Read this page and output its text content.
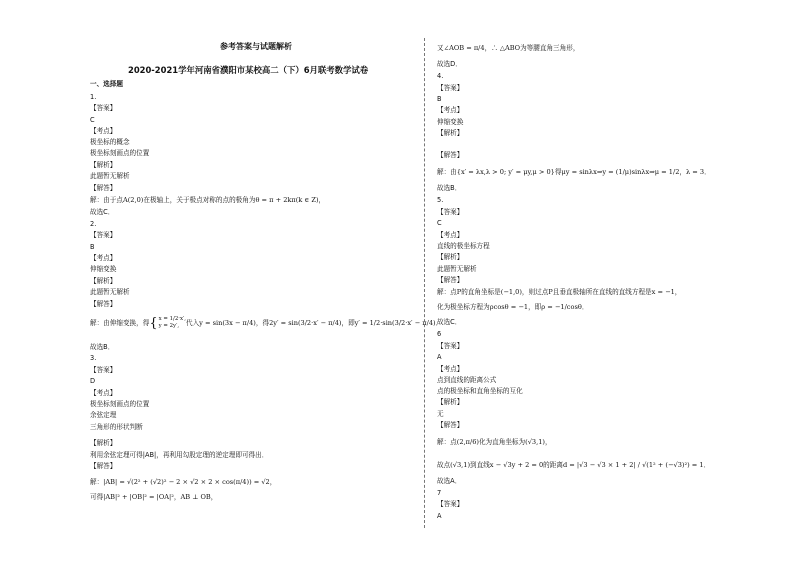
参考答案与试题解析
2020-2021学年河南省濮阳市某校高二（下）6月联考数学试卷
一、选择题
1.
【答案】
C
【考点】
极坐标的概念
极坐标刻画点的位置
【解析】
此题暂无解析
【解答】
解：由于点A(2,0)在极轴上，关于极点对称的点的极角为θ = π + 2kπ(k ∈ Z)，
故选C．
2.
【答案】
B
【考点】
伸缩变换
【解析】
此题暂无解析
【解答】
解：由伸缩变换，得{ x = 1/2·x′,
y = 2y′,	代入y = sin(3x − π/4)，得2y′ = sin(3/2·x′ − π/4)，即y′ = 1/2·sin(3/2·x′ − π/4)．
故选B．
3.
【答案】
D
【考点】
极坐标刻画点的位置
余弦定理
三角形的形状判断
【解析】
利用余弦定理可得|AB|，再利用勾股定理的逆定理即可得出．
【解答】
解：|AB| = √(2² + (√2)² − 2 × √2 × 2 × cos(π/4)) = √2，
可得|AB|² + |OB|² = |OA|²，AB ⊥ OB，
又∠AOB = π/4，∴ △ABO为等腰直角三角形，
故选D．
4.
【答案】
B
【考点】
伸缩变换
【解析】
【解答】
解：由{x′ = λx,λ > 0; y′ = μy,μ > 0}得μy = sinλx⇒y = (1/μ)sinλx⇒μ = 1/2，λ = 3．
故选B．
5.
【答案】
C
【考点】
直线的极坐标方程
【解析】
此题暂无解析
【解答】
解：点P的直角坐标是(−1,0)，则过点P且垂直极轴所在直线的直线方程是x = −1，
化为极坐标方程为ρcosθ = −1，即ρ = −1/cosθ．
故选C．
6
【答案】
A
【考点】
点到直线的距离公式
点的极坐标和直角坐标的互化
【解析】
无
【解答】
解：点(2,π/6)化为直角坐标为(√3,1)，
故点(√3,1)到直线x − √3y + 2 = 0的距离d = |√3 − √3 × 1 + 2| / √(1² + (−√3)²) = 1．
故选A．
7
【答案】
A
